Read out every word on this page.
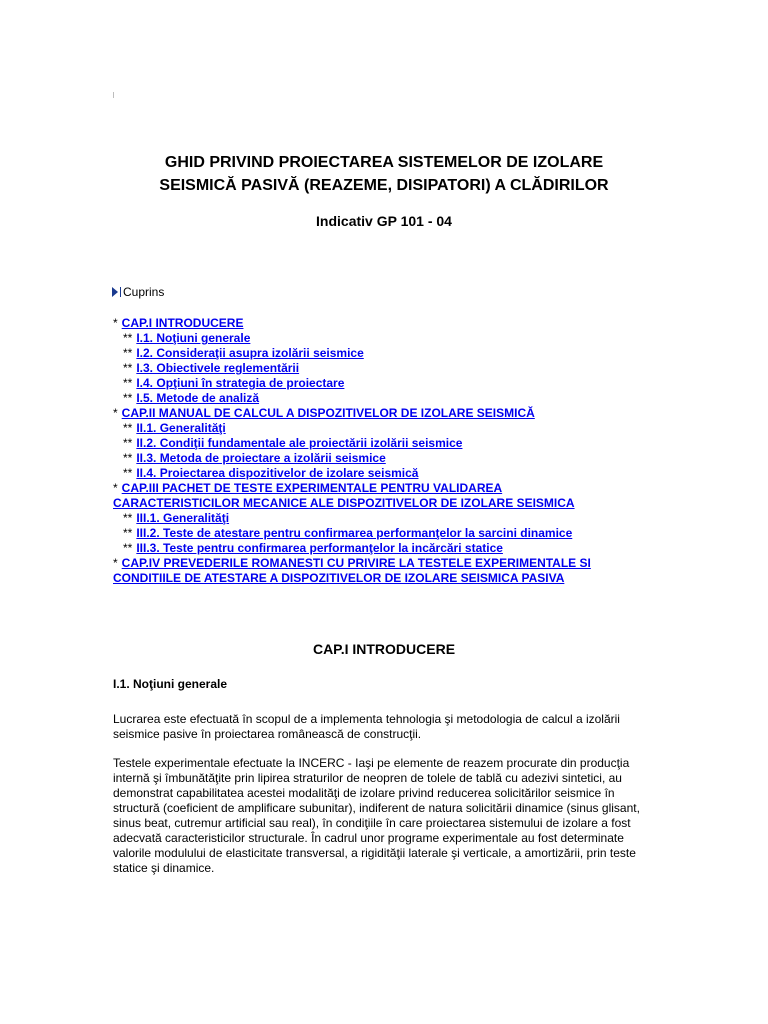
GHID PRIVIND PROIECTAREA SISTEMELOR DE IZOLARE
SEISMICĂ PASIVĂ (REAZEME, DISIPATORI) A CLĂDIRILOR
Indicativ GP 101 - 04
Cuprins
* CAP.I INTRODUCERE
** I.1. Noţiuni generale
** I.2. Consideraţii asupra izolării seismice
** I.3. Obiectivele reglementării
** I.4. Opţiuni în strategia de proiectare
** I.5. Metode de analiză
* CAP.II MANUAL DE CALCUL A DISPOZITIVELOR DE IZOLARE SEISMICĂ
** II.1. Generalităţi
** II.2. Condiţii fundamentale ale proiectării izolării seismice
** II.3. Metoda de proiectare a izolării seismice
** II.4. Proiectarea dispozitivelor de izolare seismică
* CAP.III PACHET DE TESTE EXPERIMENTALE PENTRU VALIDAREA
CARACTERISTICILOR MECANICE ALE DISPOZITIVELOR DE IZOLARE SEISMICA
** III.1. Generalităţi
** III.2. Teste de atestare pentru confirmarea performanţelor la sarcini dinamice
** III.3. Teste pentru confirmarea performanţelor la incărcări statice
* CAP.IV PREVEDERILE ROMANESTI CU PRIVIRE LA TESTELE EXPERIMENTALE SI
CONDITIILE DE ATESTARE A DISPOZITIVELOR DE IZOLARE SEISMICA PASIVA
CAP.I INTRODUCERE
I.1. Noţiuni generale
Lucrarea este efectuată în scopul de a implementa tehnologia şi metodologia de calcul a izolării seismice pasive în proiectarea românească de construcţii.
Testele experimentale efectuate la INCERC - Iaşi pe elemente de reazem procurate din producţia internă şi îmbunătăţite prin lipirea straturilor de neopren de tolele de tablă cu adezivi sintetici, au demonstrat capabilitatea acestei modalităţi de izolare privind reducerea solicitărilor seismice în structură (coeficient de amplificare subunitar), indiferent de natura solicitării dinamice (sinus glisant, sinus beat, cutremur artificial sau real), în condiţiile în care proiectarea sistemului de izolare a fost adecvată caracteristicilor structurale. În cadrul unor programe experimentale au fost determinate valorile modulului de elasticitate transversal, a rigidităţii laterale şi verticale, a amortizării, prin teste statice şi dinamice.
